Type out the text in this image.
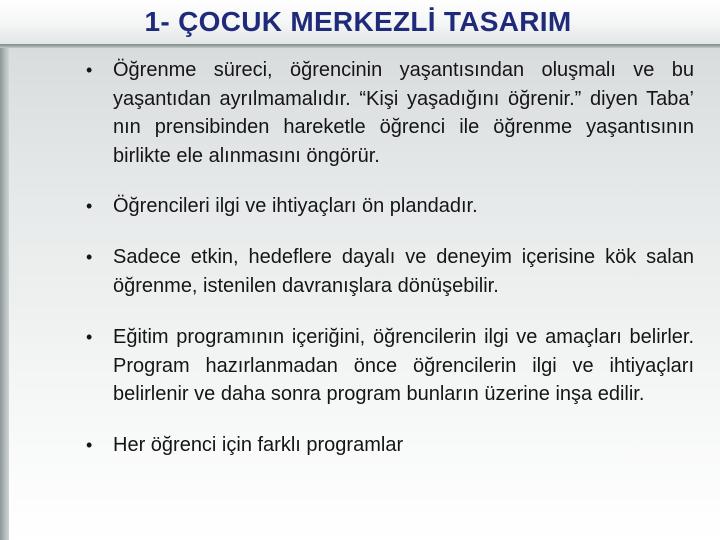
1- ÇOCUK MERKEZLİ TASARIM
• Öğrenme süreci, öğrencinin yaşantısından oluşmalı ve bu yaşantıdan ayrılmamalıdır. “Kişi yaşadığını öğrenir.” diyen Taba’ nın prensibinden hareketle öğrenci ile öğrenme yaşantısının birlikte ele alınmasını öngörür.
• Öğrencileri ilgi ve ihtiyaçları ön plandadır.
• Sadece etkin, hedeflere dayalı ve deneyim içerisine kök salan öğrenme, istenilen davranışlara dönüşebilir.
• Eğitim programının içeriğini, öğrencilerin ilgi ve amaçları belirler. Program hazırlanmadan önce öğrencilerin ilgi ve ihtiyaçları belirlenir ve daha sonra program bunların üzerine inşa edilir.
• Her öğrenci için farklı programlar
